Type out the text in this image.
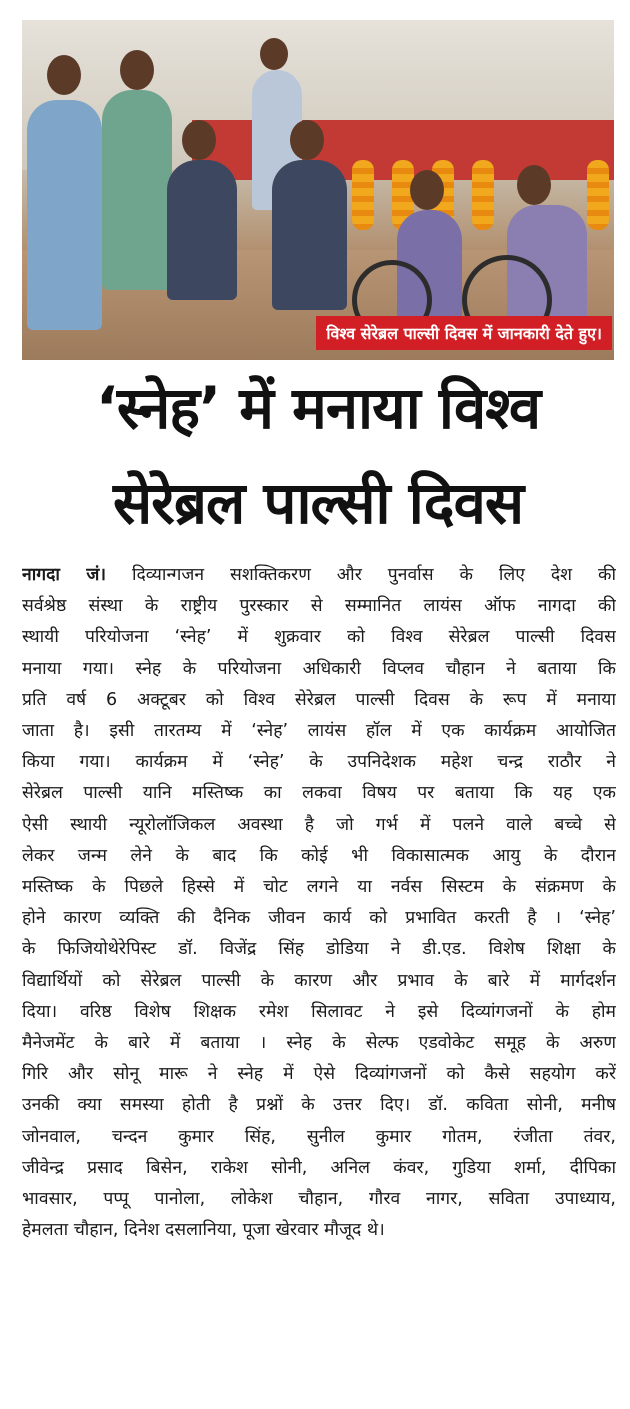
विश्व सेरेब्रल पाल्सी दिवस में जानकारी देते हुए।
‘स्नेह’ में मनाया विश्व
सेरेब्रल पाल्सी दिवस
नागदा जं। दिव्यान्गजन सशक्तिकरण और पुनर्वास के लिए देश की
सर्वश्रेष्ठ संस्था के राष्ट्रीय पुरस्कार से सम्मानित लायंस ऑफ नागदा की
स्थायी परियोजना ‘स्नेह’ में शुक्रवार को विश्व सेरेब्रल पाल्सी दिवस
मनाया गया। स्नेह के परियोजना अधिकारी विप्लव चौहान ने बताया कि
प्रति वर्ष 6 अक्टूबर को विश्व सेरेब्रल पाल्सी दिवस के रूप में मनाया
जाता है। इसी तारतम्य में ‘स्नेह’ लायंस हॉल में एक कार्यक्रम आयोजित
किया गया। कार्यक्रम में ‘स्नेह’ के उपनिदेशक महेश चन्द्र राठौर ने
सेरेब्रल पाल्सी यानि मस्तिष्क का लकवा विषय पर बताया कि यह एक
ऐसी स्थायी न्यूरोलॉजिकल अवस्था है जो गर्भ में पलने वाले बच्चे से
लेकर जन्म लेने के बाद कि कोई भी विकासात्मक आयु के दौरान
मस्तिष्क के पिछले हिस्से में चोट लगने या नर्वस सिस्टम के संक्रमण के
होने कारण व्यक्ति की दैनिक जीवन कार्य को प्रभावित करती है । ‘स्नेह’
के फिजियोथेरेपिस्ट डॉ. विजेंद्र सिंह डोडिया ने डी.एड. विशेष शिक्षा के
विद्यार्थियों को सेरेब्रल पाल्सी के कारण और प्रभाव के बारे में मार्गदर्शन
दिया। वरिष्ठ विशेष शिक्षक रमेश सिलावट ने इसे दिव्यांगजनों के होम
मैनेजमेंट के बारे में बताया । स्नेह के सेल्फ एडवोकेट समूह के अरुण
गिरि और सोनू मारू ने स्नेह में ऐसे दिव्यांगजनों को कैसे सहयोग करें
उनकी क्या समस्या होती है प्रश्नों के उत्तर दिए। डॉ. कविता सोनी, मनीष
जोनवाल, चन्दन कुमार सिंह, सुनील कुमार गोतम, रंजीता तंवर,
जीवेन्द्र प्रसाद बिसेन, राकेश सोनी, अनिल कंवर, गुडिया शर्मा, दीपिका
भावसार, पप्पू पानोला, लोकेश चौहान, गौरव नागर, सविता उपाध्याय,
हेमलता चौहान, दिनेश दसलानिया, पूजा खेरवार मौजूद थे।
